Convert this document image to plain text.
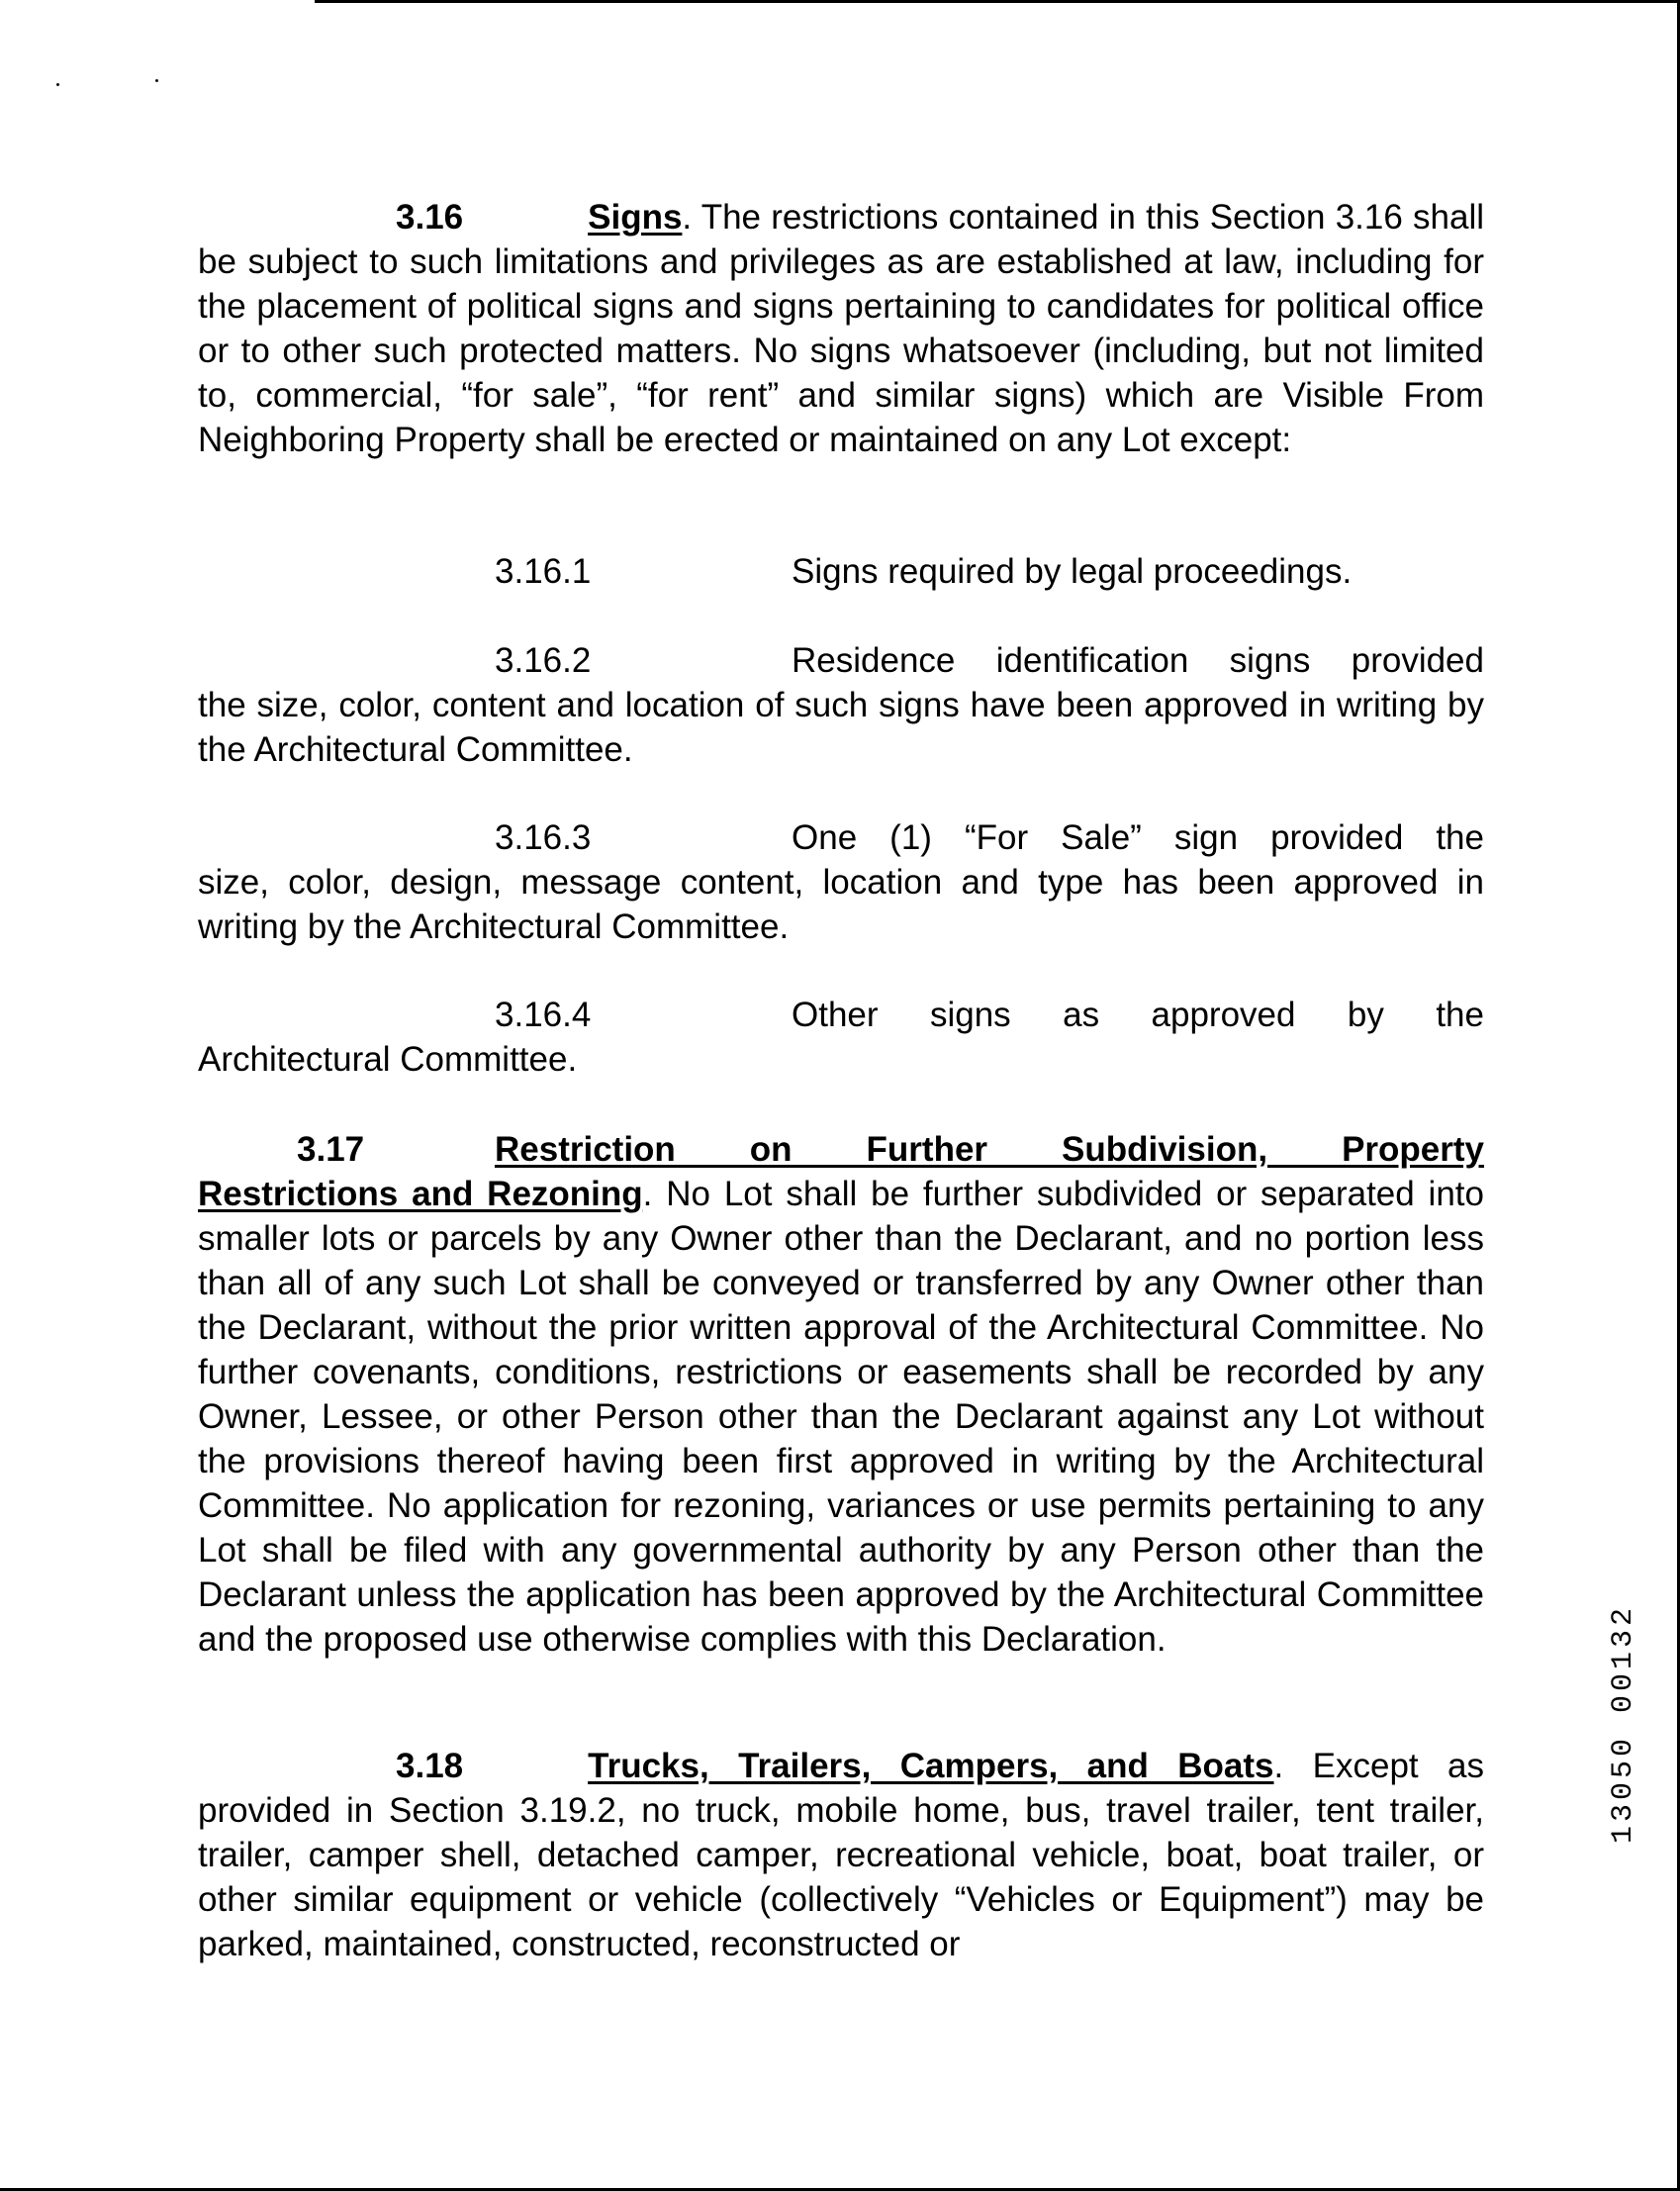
3.16	Signs. The restrictions contained in this Section 3.16 shall be subject to such limitations and privileges as are established at law, including for the placement of political signs and signs pertaining to candidates for political office or to other such protected matters. No signs whatsoever (including, but not limited to, commercial, “for sale”, “for rent” and similar signs) which are Visible From Neighboring Property shall be erected or maintained on any Lot except:
3.16.1	Signs required by legal proceedings.
3.16.2	Residence identification signs provided
the size, color, content and location of such signs have been approved in writing by the Architectural Committee.
3.16.3	One (1) “For Sale” sign provided the
size, color, design, message content, location and type has been approved in writing by the Architectural Committee.
3.16.4	Other signs as approved by the
Architectural Committee.
3.17	Restriction on Further Subdivision, Property
Restrictions and Rezoning. No Lot shall be further subdivided or separated into smaller lots or parcels by any Owner other than the Declarant, and no portion less than all of any such Lot shall be conveyed or transferred by any Owner other than the Declarant, without the prior written approval of the Architectural Committee. No further covenants, conditions, restrictions or easements shall be recorded by any Owner, Lessee, or other Person other than the Declarant against any Lot without the provisions thereof having been first approved in writing by the Architectural Committee. No application for rezoning, variances or use permits pertaining to any Lot shall be filed with any governmental authority by any Person other than the Declarant unless the application has been approved by the Architectural Committee and the proposed use otherwise complies with this Declaration.
3.18	Trucks, Trailers, Campers, and Boats. Except as provided in Section 3.19.2, no truck, mobile home, bus, travel trailer, tent trailer, trailer, camper shell, detached camper, recreational vehicle, boat, boat trailer, or other similar equipment or vehicle (collectively “Vehicles or Equipment”) may be parked, maintained, constructed, reconstructed or
13050 00132
